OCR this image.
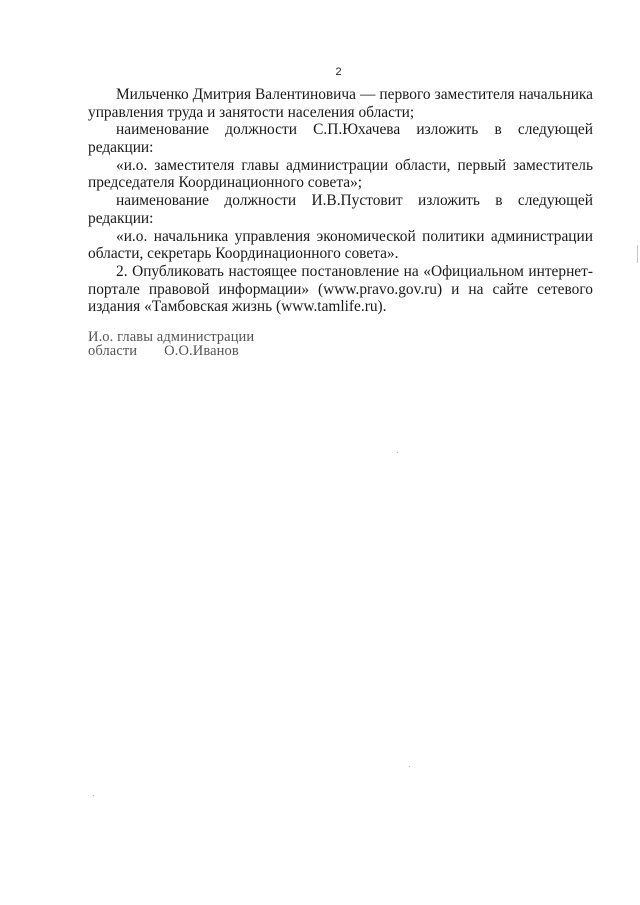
2
Мильченко Дмитрия Валентиновича — первого заместителя начальника
управления труда и занятости населения области;
наименование должности С.П.Юхачева изложить в следующей
редакции:
«и.о. заместителя главы администрации области, первый заместитель
председателя Координационного совета»;
наименование должности И.В.Пустовит изложить в следующей
редакции:
«и.о. начальника управления экономической политики администрации
области, секретарь Координационного совета».
2. Опубликовать настоящее постановление на «Официальном интернет-
портале правовой информации» (www.pravo.gov.ru) и на сайте сетевого
издания «Тамбовская жизнь (www.tamlife.ru).
И.о. главы администрации
области О.О.Иванов
